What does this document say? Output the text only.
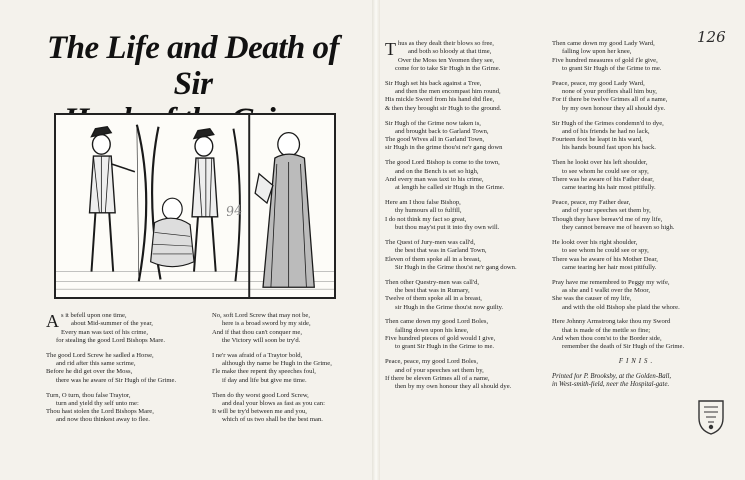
The Life and Death of Sir
94
126
A s it befell upon one time,
about Mid-summer of the year,
Every man was taxt of his crime,
for stealing the good Lord Bishops Mare.
The good Lord Screw he sadled a Horse,
and rid after this same scrime,
Before he did get over the Moss,
there was he aware of Sir Hugh of the Grime.
Turn, O turn, thou false Traytor,
turn and yield thy self unto me:
Thou hast stolen the Lord Bishops Mare,
and now thou thinkest away to flee.
No, soft Lord Screw that may not be,
here is a broad sword by my side,
And if that thou can't conquer me,
the Victory will soon be try'd.
I ne'r was afraid of a Traytor bold,
although thy name be Hugh in the Grime,
I'le make thee repent thy speeches foul,
if day and life but give me time.
Then do thy worst good Lord Screw,
and deal your blows as fast as you can:
It will be try'd between me and you,
which of us two shall be the best man.
T hus as they dealt their blows so free,
and both so bloody at that time,
Over the Moss ten Yeomen they see,
come for to take Sir Hugh in the Grime.
Sir Hugh set his back against a Tree,
and then the men encompast him round,
His mickle Sword from his hand did flee,
& then they brought sir Hugh to the ground.
Sir Hugh of the Grime now taken is,
and brought back to Garland Town,
The good Wives all in Garland Town,
sir Hugh in the grime thou'st ne'r gang down
The good Lord Bishop is come to the town,
and on the Bench is set so high,
And every man was taxt to his crime,
at length he called sir Hugh in the Grime.
Here am I thou false Bishop,
thy humours all to fulfill,
I do not think my fact so great,
but thou may'st put it into thy own will.
The Quest of Jury-men was call'd,
the best that was in Garland Town,
Eleven of them spoke all in a breast,
Sir Hugh in the Grime thou'st ne'r gang down.
Then other Questry-men was call'd,
the best that was in Rumary,
Twelve of them spoke all in a breast,
sir Hugh in the Grime thou'st now guilty.
Then came down my good Lord Boles,
falling down upon his knee,
Five hundred pieces of gold would I give,
to grant Sir Hugh in the Grime to me.
Peace, peace, my good Lord Boles,
and of your speeches set them by,
If there be eleven Grimes all of a name,
then by my own honour they all should dye.
Then came down my good Lady Ward,
falling low upon her knee,
Five hundred measures of gold i'le give,
to grant Sir Hugh of the Grime to me.
Peace, peace, my good Lady Ward,
none of your proffers shall him buy,
For if there be twelve Grimes all of a name,
by my own honour they all should dye.
Sir Hugh of the Grimes condemn'd to dye,
and of his friends he had no lack,
Fourteen foot he leapt in his ward,
his hands bound fast upon his back.
Then he lookt over his left shoulder,
to see whom he could see or spy,
There was he aware of his Father dear,
came tearing his hair most pitifully.
Peace, peace, my Father dear,
and of your speeches set them by,
Though they have bereav'd me of my life,
they cannot bereave me of heaven so high.
He lookt over his right shoulder,
to see whom he could see or spy,
There was he aware of his Mother Dear,
came tearing her hair most pitifully.
Pray have me remembred to Peggy my wife,
as she and I walkt over the Moor,
She was the causer of my life,
and with the old Bishop she plaid the whore.
Here Johnny Armstrong take thou my Sword
that is made of the mettle so fine;
And when thou com'st to the Border side,
remember the death of Sir Hugh of the Grime.
FINIS.
Printed for P. Brooksby, at the Golden-Ball,
in West-smith-field, neer the Hospital-gate.
